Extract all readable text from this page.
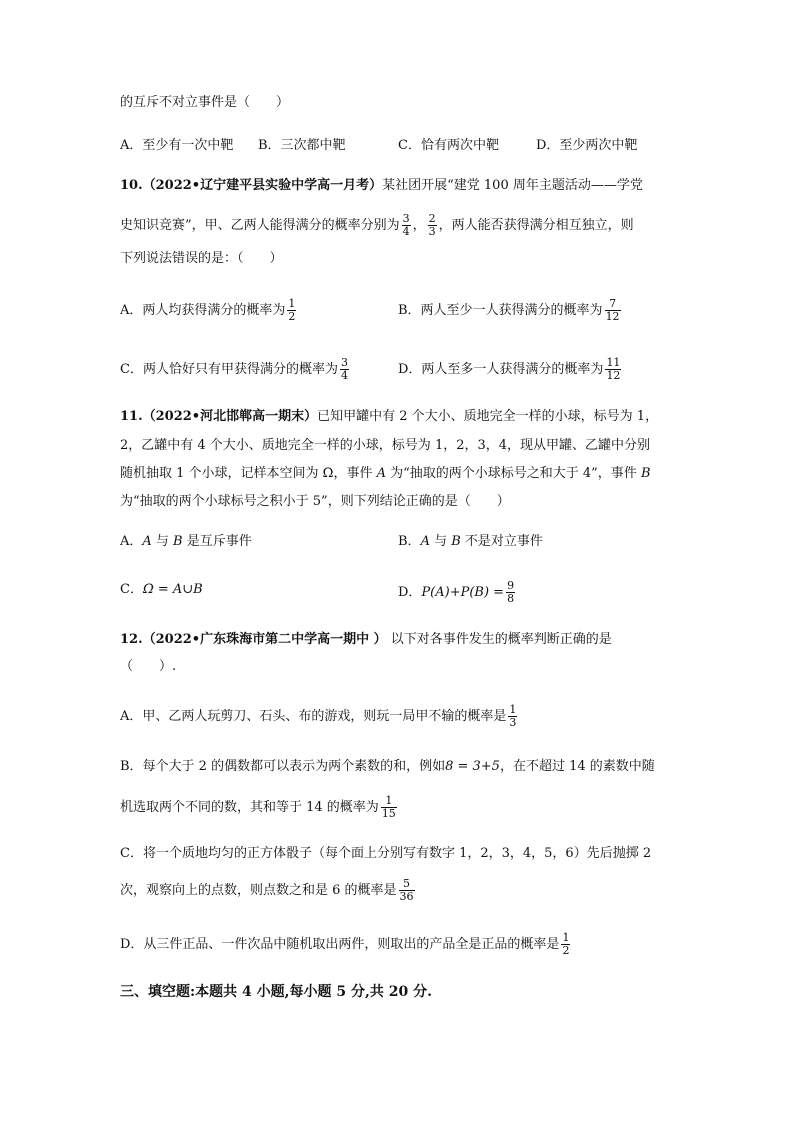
的互斥不对立事件是（　　）
A．至少有一次中靶 B．三次都中靶	C．恰有两次中靶	D．至少两次中靶
10.（2022•辽宁建平县实验中学高一月考）某社团开展“建党 100 周年主题活动——学党
史知识竞赛”，甲、乙两人能得满分的概率分别为 $\frac{3}{4}$ ， $\frac{2}{3}$ ，两人能否获得满分相互独立，则
下列说法错误的是：（　　）
A．两人均获得满分的概率为 $\frac{1}{2}$	B．两人至少一人获得满分的概率为 $\frac{7}{12}$
C．两人恰好只有甲获得满分的概率为 $\frac{3}{4}$	D．两人至多一人获得满分的概率为 $\frac{11}{12}$
11.（2022•河北邯郸高一期末）已知甲罐中有 2 个大小、质地完全一样的小球，标号为 1，
2，乙罐中有 4 个大小、质地完全一样的小球，标号为 1，2，3，4，现从甲罐、乙罐中分别
随机抽取 1 个小球，记样本空间为 Ω，事件 A 为“抽取的两个小球标号之和大于 4”，事件 B
为“抽取的两个小球标号之积小于 5”，则下列结论正确的是（　　）
A．A 与 B 是互斥事件	B．A 与 B 不是对立事件
C．Ω = A∪B	D．$P(A)+P(B) = \frac{9}{8}$
12.（2022•广东珠海市第二中学高一期中 ） 以下对各事件发生的概率判断正确的是
（　　）.
A．甲、乙两人玩剪刀、石头、布的游戏，则玩一局甲不输的概率是 $\frac{1}{3}$
B．每个大于 2 的偶数都可以表示为两个素数的和，例如8 = 3+5，在不超过 14 的素数中随
机选取两个不同的数，其和等于 14 的概率为 $\frac{1}{15}$
C．将一个质地均匀的正方体骰子（每个面上分别写有数字 1，2，3，4，5，6）先后抛掷 2
次，观察向上的点数，则点数之和是 6 的概率是 $\frac{5}{36}$
D．从三件正品、一件次品中随机取出两件，则取出的产品全是正品的概率是 $\frac{1}{2}$
三、填空题:本题共 4 小题,每小题 5 分,共 20 分.
